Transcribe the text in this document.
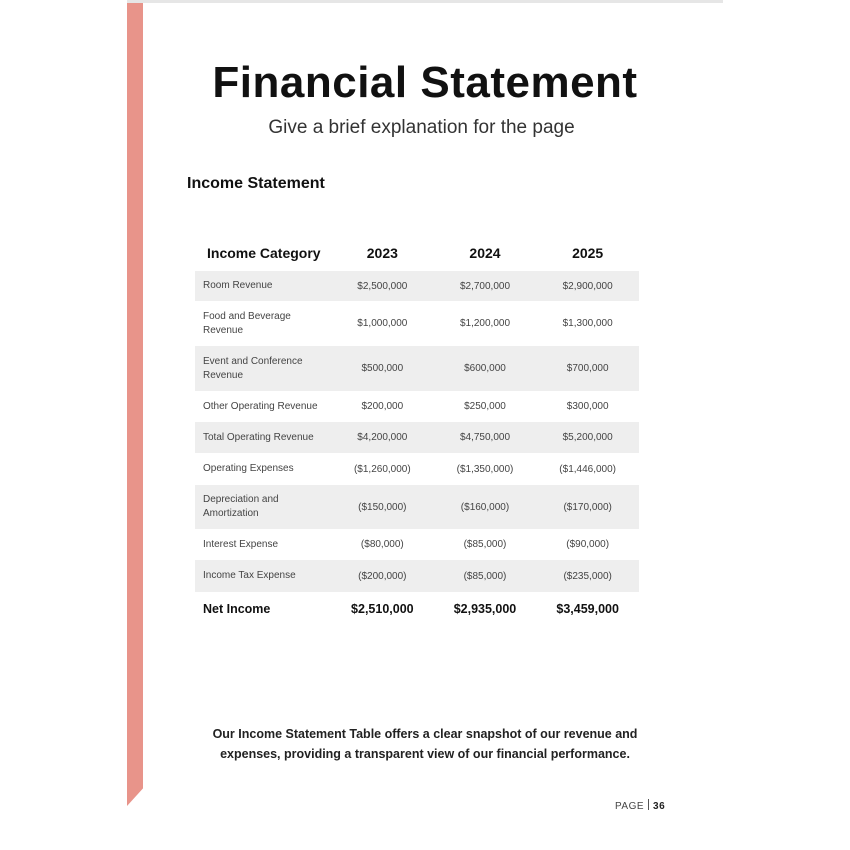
Financial Statement
Give a brief explanation for the page
Income Statement
Income Category	2023	2024	2025
Room Revenue	$2,500,000	$2,700,000	$2,900,000
Food and Beverage Revenue	$1,000,000	$1,200,000	$1,300,000
Event and Conference Revenue	$500,000	$600,000	$700,000
Other Operating Revenue	$200,000	$250,000	$300,000
Total Operating Revenue	$4,200,000	$4,750,000	$5,200,000
Operating Expenses	($1,260,000)	($1,350,000)	($1,446,000)
Depreciation and Amortization	($150,000)	($160,000)	($170,000)
Interest Expense	($80,000)	($85,000)	($90,000)
Income Tax Expense	($200,000)	($85,000)	($235,000)
Net Income	$2,510,000	$2,935,000	$3,459,000
Our Income Statement Table offers a clear snapshot of our revenue and expenses, providing a transparent view of our financial performance.
PAGE 36
